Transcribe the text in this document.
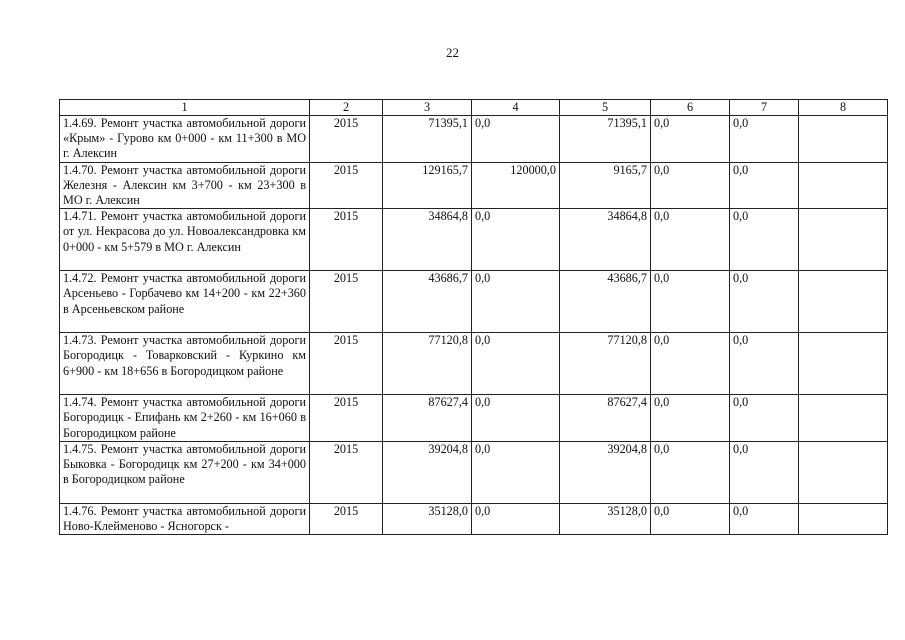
22
1	2	3	4	5	6	7	8
1.4.69. Ремонт участка автомобильной дороги «Крым» - Гурово км 0+000 - км 11+300 в МО г. Алексин	2015	71395,1	0,0	71395,1	0,0	0,0	
1.4.70. Ремонт участка автомобильной дороги Железня - Алексин км 3+700 - км 23+300 в МО г. Алексин	2015	129165,7	120000,0	9165,7	0,0	0,0	
1.4.71. Ремонт участка автомобильной дороги от ул. Некрасова до ул. Новоалександровка км 0+000 - км 5+579 в МО г. Алексин	2015	34864,8	0,0	34864,8	0,0	0,0	
1.4.72. Ремонт участка автомобильной дороги Арсеньево - Горбачево км 14+200 - км 22+360 в Арсеньевском районе	2015	43686,7	0,0	43686,7	0,0	0,0	
1.4.73. Ремонт участка автомобильной дороги Богородицк - Товарковский - Куркино км 6+900 - км 18+656 в Богородицком районе	2015	77120,8	0,0	77120,8	0,0	0,0	
1.4.74. Ремонт участка автомобильной дороги Богородицк - Епифань км 2+260 - км 16+060 в Богородицком районе	2015	87627,4	0,0	87627,4	0,0	0,0	
1.4.75. Ремонт участка автомобильной дороги Быковка - Богородицк км 27+200 - км 34+000 в Богородицком районе	2015	39204,8	0,0	39204,8	0,0	0,0	
1.4.76. Ремонт участка автомобильной дороги Ново-Клейменово - Ясногорск -	2015	35128,0	0,0	35128,0	0,0	0,0	
